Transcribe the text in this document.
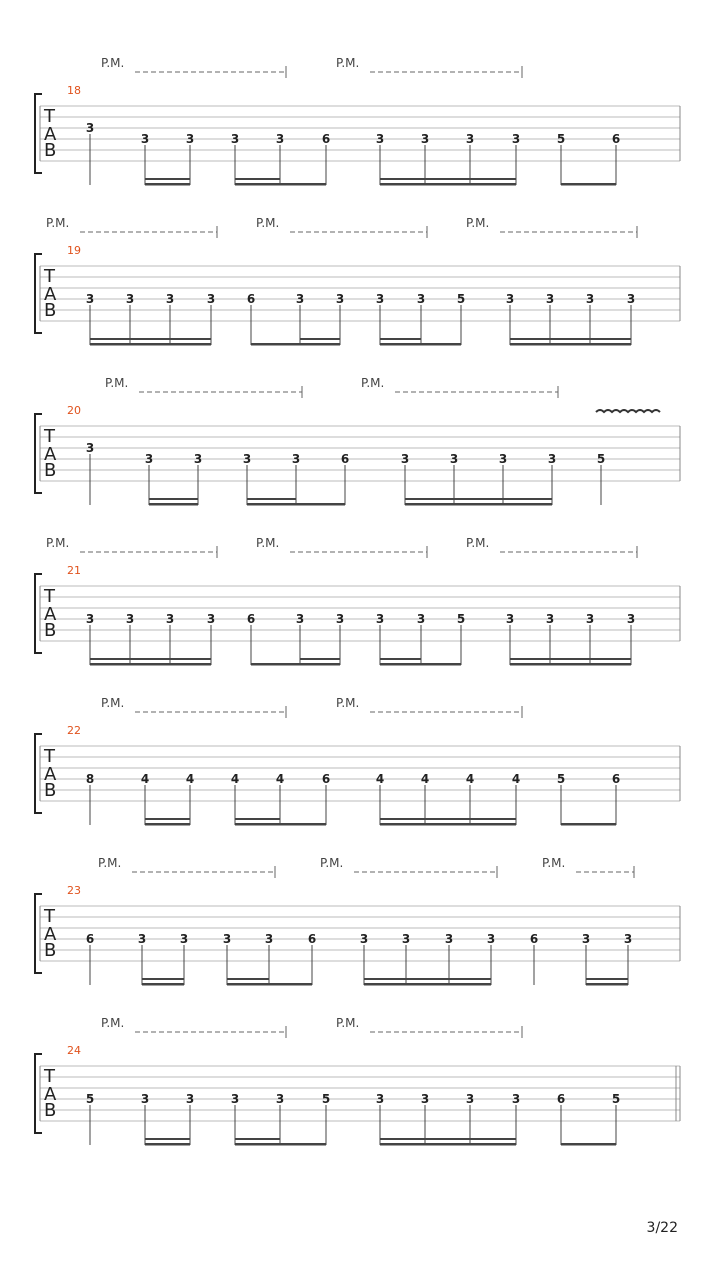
18
P.M.	P.M.
T
A
B
3
3	3	3	3	6	3	3	3	3	5	6
19
P.M.	P.M.	P.M.
T
A
B
3	3	3	3	6	3	3	3	3	5	3	3	3	3
20
P.M.	P.M.
T
A
B
3
3	3	3	3	6	3	3	3	3	5
21
P.M.	P.M.	P.M.
T
A
B
3	3	3	3	6	3	3	3	3	5	3	3	3	3
22
P.M.	P.M.
T
A
B
8	4	4	4	4	6	4	4	4	4	5	6
23
P.M.	P.M.	P.M.
T
A
B
6	3	3	3	3	6	3	3	3	3	6	3	3
24
P.M.	P.M.
T
A
B
5	3	3	3	3	5	3	3	3	3	6	5
3/22
